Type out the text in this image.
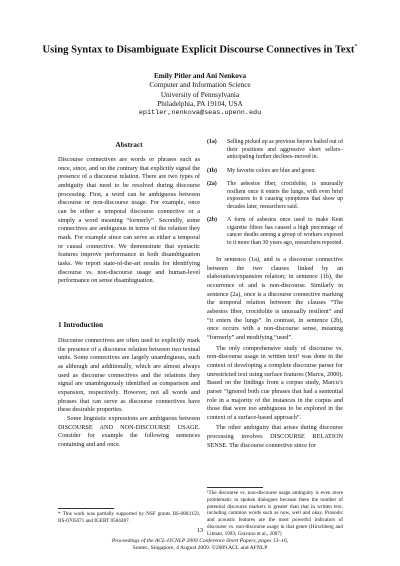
Using Syntax to Disambiguate Explicit Discourse Connectives in Text*
Emily Pitler and Ani Nenkova
Computer and Information Science
University of Pennsylvania
Philadelphia, PA 19104, USA
epitler,nenkova@seas.upenn.edu
Abstract
Discourse connectives are words or phrases such as once, since, and on the contrary that explicitly signal the presence of a discourse relation. There are two types of ambiguity that need to be resolved during discourse processing. First, a word can be ambiguous between discourse or non-discourse usage. For example, once can be either a temporal discourse connective or a simply a word meaning “formerly”. Secondly, some connectives are ambiguous in terms of the relation they mark. For example since can serve as either a temporal or causal connective. We demonstrate that syntactic features improve performance in both disambiguation tasks. We report state-of-the-art results for identifying discourse vs. non-discourse usage and human-level performance on sense disambiguation.
1 Introduction

Discourse connectives are often used to explicitly mark the presence of a discourse relation between two textual units. Some connectives are largely unambiguous, such as although and additionally, which are almost always used as discourse connectives and the relations they signal are unambiguously identified as comparison and expansion, respectively. However, not all words and phrases that can serve as discourse connectives have these desirable properties.

Some linguistic expressions are ambiguous between DISCOURSE AND NON-DISCOURSE USAGE. Consider for example the following sentences containing and and once.

* This work was partially supported by NSF grants IIS-0803159, IIS-0705671 and IGERT 0504487.
(1a)	Selling picked up as previous buyers bailed out of their positions and aggressive short sellers–anticipating further declines–moved in.
(1b)	My favorite colors are blue and green.
(2a)	The asbestos fiber, crocidolite, is unusually resilient once it enters the lungs, with even brief exposures to it causing symptoms that show up decades later, researchers said.
(2b)	A form of asbestos once used to make Kent cigarette filters has caused a high percentage of cancer deaths among a group of workers exposed to it more than 30 years ago, researchers reported.

In sentence (1a), and is a discourse connective between the two clauses linked by an elaboration/expansion relation; in sentence (1b), the occurrence of and is non-discourse. Similarly in sentence (2a), once is a discourse connective marking the temporal relation between the clauses “The asbestos fiber, crocidolite is unusually resilient” and “it enters the lungs”. In contrast, in sentence (2b), once occurs with a non-discourse sense, meaning “formerly” and modifying “used”.

The only comprehensive study of discourse vs. non-discourse usage in written text¹ was done in the context of developing a complete discourse parser for unrestricted text using surface features (Marcu, 2000). Based on the findings from a corpus study, Marcu’s parser “ignored both cue phrases that had a sentential role in a majority of the instances in the corpus and those that were too ambiguous to be explored in the context of a surface-based approach”.

The other ambiguity that arises during discourse processing involves DISCOURSE RELATION SENSE. The discourse connective since for

¹The discourse vs. non-discourse usage ambiguity is even more problematic in spoken dialogues because there the number of potential discourse markers is greater than that in written text, including common words such as now, well and okay. Prosodic and acoustic features are the most powerful indicators of discourse vs. non-discourse usage in that genre (Hirschberg and Litman, 1993; Gravano et al., 2007)
13
Proceedings of the ACL-IJCNLP 2009 Conference Short Papers, pages 13–16,
Suntec, Singapore, 4 August 2009. ©2009 ACL and AFNLP
